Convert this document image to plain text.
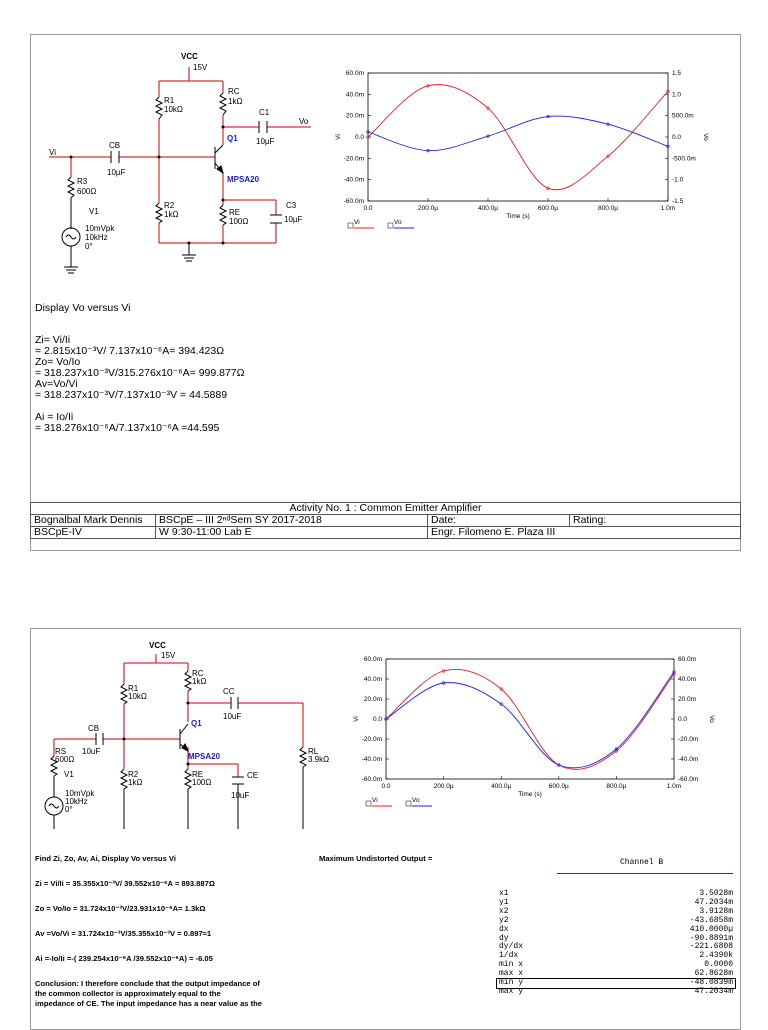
VCC
15V
R1
10kΩ
RC
1kΩ
C1
10µF
Vo
Vi
CB
10µF
Q1
MPSA20
R3
600Ω
V1
10mVpk
10kHz
0°
R2
1kΩ	RE
100Ω
C3
10µF
60.0m
40.0m
20.0m
0.0
-20.0m
-40.0m
-60.0m
1.5
1.0
500.0m
0.0
-500.0m
-1.0
-1.5
0.0	200.0µ	400.0µ	600.0µ	800.0µ	1.0m
Time (s)
Vi	Vo
Vi	Vo
Display Vo versus Vi
Zi= Vi/Ii
= 2.815x10⁻³V/ 7.137x10⁻⁶A= 394.423Ω
Zo= Vo/Io
= 318.237x10⁻³V/315.276x10⁻⁶A= 999.877Ω
Av=Vo/Vi
= 318.237x10⁻³V/7.137x10⁻³V = 44.5889
Ai = Io/Ii
= 318.276x10⁻⁶A/7.137x10⁻⁶A =44.595
Activity No. 1 : Common Emitter Amplifier			
Bognalbal Mark Dennis	BSCpE – III 2ⁿᵈSem SY 2017-2018	Date:	Rating:
BSCpE-IV	W 9:30-11:00 Lab E	Engr. Filomeno E. Plaza III	
VCC
15V
R1
10kΩ
RC
1kΩ
CC
10uF
Q1
MPSA20
CB
10uF
RS
600Ω
V1
10mVpk
10kHz
0°
R2
1kΩ
RE
100Ω
CE
10uF
RL
3.9kΩ
60.0m
40.0m
20.0m
0.0
-20.0m
-40.0m
-60.0m
60.0m
40.0m
20.0m
0.0
-20.0m
-40.0m
-60.0m
0.0	200.0µ	400.0µ	600.0µ	800.0µ	1.0m
Time (s)
Vi	Vo
Vi	Vo
Find Zi, Zo, Av, Ai, Display Vo versus Vi	Maximum Undistorted Output =
Zi = Vi/Ii = 35.355x10⁻³V/ 39.552x10⁻⁶A = 893.887Ω
Zo = Vo/Io = 31.724x10⁻³V/23.931x10⁻⁶A= 1.3kΩ
Av =Vo/Vi = 31.724x10⁻³V/35.355x10⁻³V = 0.897≈1
Ai =-Io/Ii =-( 239.254x10⁻⁶A /39.552x10⁻⁶A) = -6.05
Conclusion: I therefore conclude that the output impedance of
the common collector is approximately equal to the
impedance of CE. The input impedance has a near value as the
Channel B
x1	3.5028m
y1	47.2034m
x2	3.9128m
y2	-43.6858m
dx	410.0000µ
dy	-90.8891m
dy/dx	-221.6808
1/dx	2.4390k
min x	0.0000
max x	62.8628m
min y	-48.0839m
max y	47.2034m
